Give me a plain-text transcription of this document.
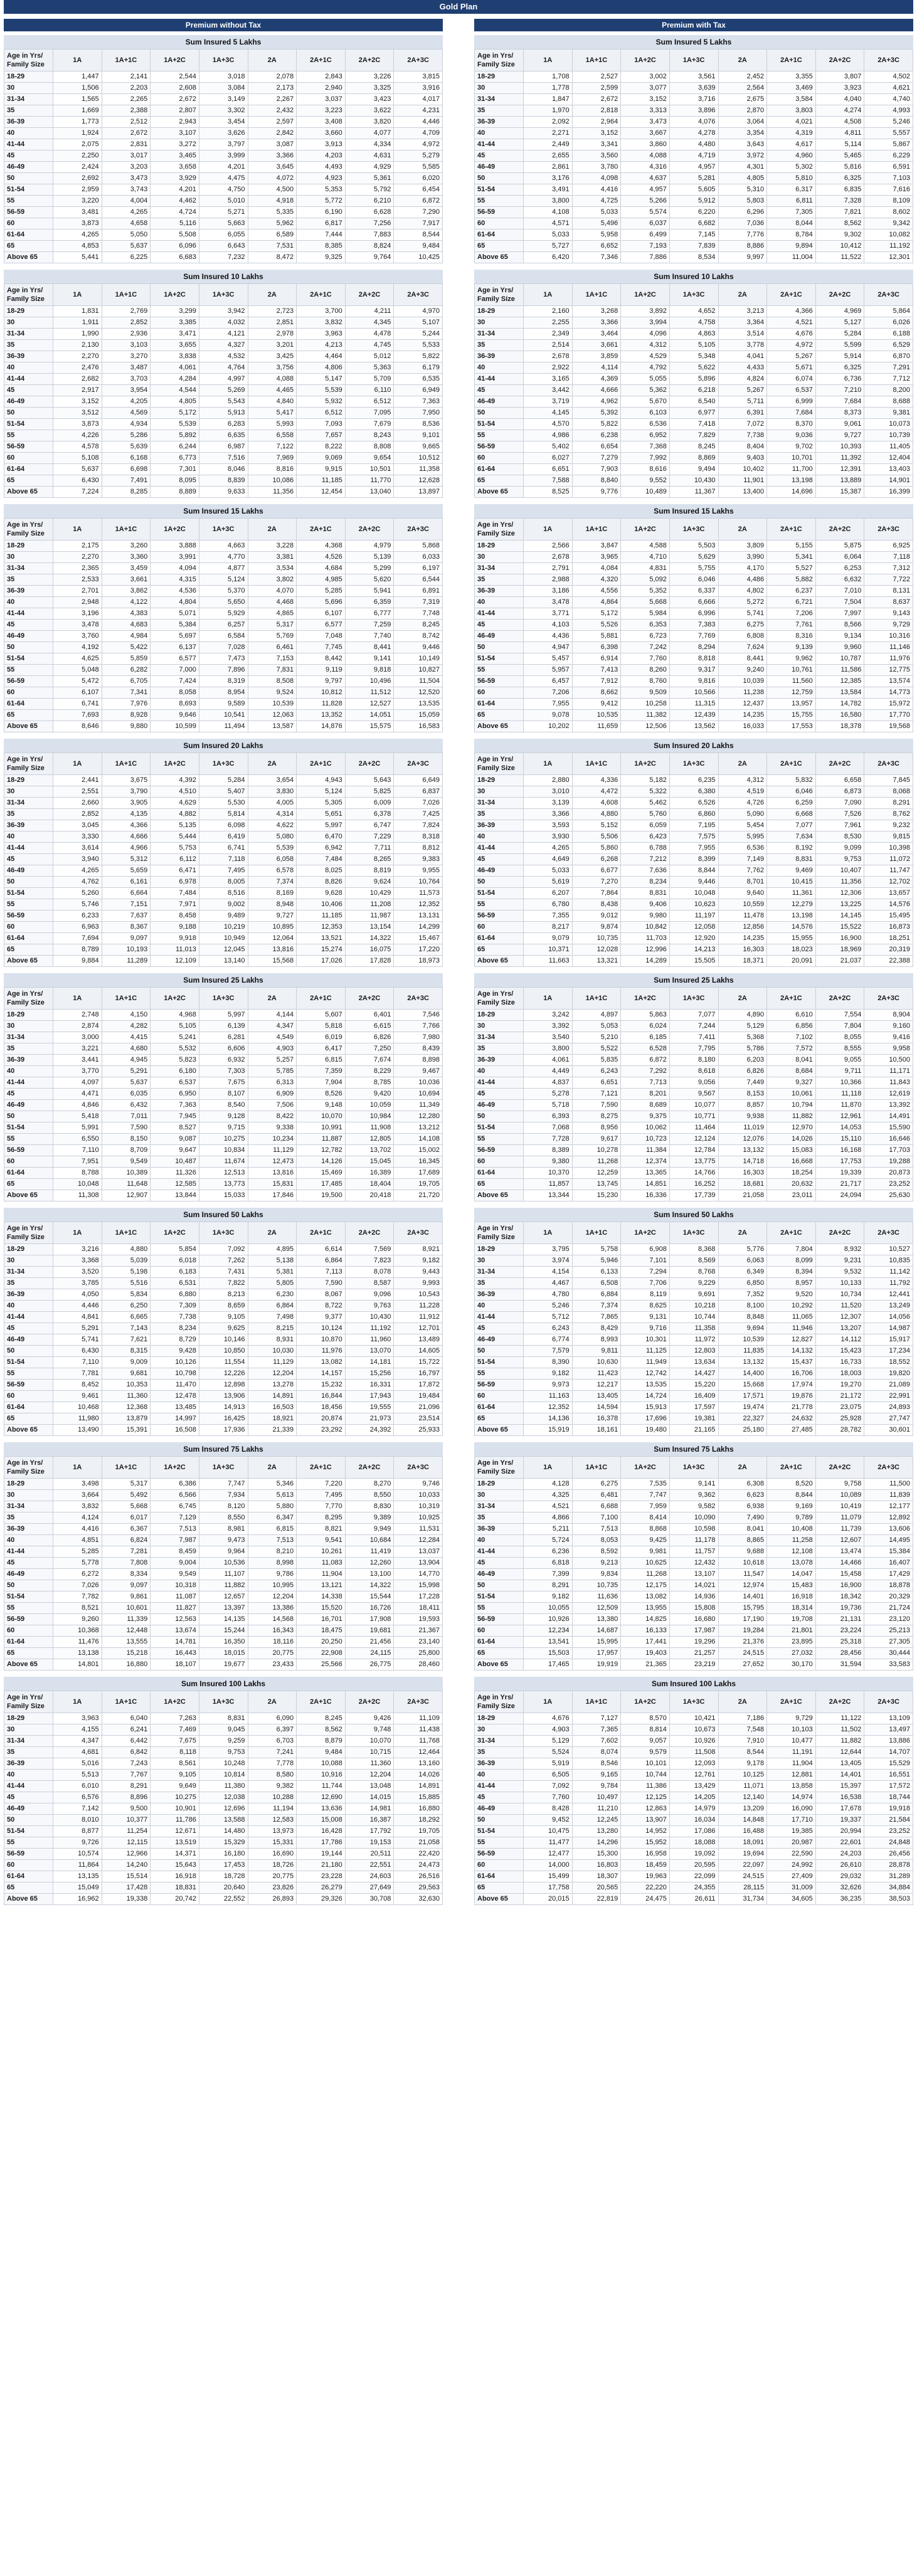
Gold Plan
Premium without Tax
Sum Insured 5 Lakhs
Age in Yrs/ Family Size	1A	1A+1C	1A+2C	1A+3C	2A	2A+1C	2A+2C	2A+3C
18-29	1,447	2,141	2,544	3,018	2,078	2,843	3,226	3,815
30	1,506	2,203	2,608	3,084	2,173	2,940	3,325	3,916
31-34	1,565	2,265	2,672	3,149	2,267	3,037	3,423	4,017
35	1,669	2,388	2,807	3,302	2,432	3,223	3,622	4,231
36-39	1,773	2,512	2,943	3,454	2,597	3,408	3,820	4,446
40	1,924	2,672	3,107	3,626	2,842	3,660	4,077	4,709
41-44	2,075	2,831	3,272	3,797	3,087	3,913	4,334	4,972
45	2,250	3,017	3,465	3,999	3,366	4,203	4,631	5,279
46-49	2,424	3,203	3,658	4,201	3,645	4,493	4,929	5,585
50	2,692	3,473	3,929	4,475	4,072	4,923	5,361	6,020
51-54	2,959	3,743	4,201	4,750	4,500	5,353	5,792	6,454
55	3,220	4,004	4,462	5,010	4,918	5,772	6,210	6,872
56-59	3,481	4,265	4,724	5,271	5,335	6,190	6,628	7,290
60	3,873	4,658	5,116	5,663	5,962	6,817	7,256	7,917
61-64	4,265	5,050	5,508	6,055	6,589	7,444	7,883	8,544
65	4,853	5,637	6,096	6,643	7,531	8,385	8,824	9,484
Above 65	5,441	6,225	6,683	7,232	8,472	9,325	9,764	10,425
Sum Insured 10 Lakhs
Age in Yrs/ Family Size	1A	1A+1C	1A+2C	1A+3C	2A	2A+1C	2A+2C	2A+3C
18-29	1,831	2,769	3,299	3,942	2,723	3,700	4,211	4,970
30	1,911	2,852	3,385	4,032	2,851	3,832	4,345	5,107
31-34	1,990	2,936	3,471	4,121	2,978	3,963	4,478	5,244
35	2,130	3,103	3,655	4,327	3,201	4,213	4,745	5,533
36-39	2,270	3,270	3,838	4,532	3,425	4,464	5,012	5,822
40	2,476	3,487	4,061	4,764	3,756	4,806	5,363	6,179
41-44	2,682	3,703	4,284	4,997	4,088	5,147	5,709	6,535
45	2,917	3,954	4,544	5,269	4,465	5,539	6,110	6,949
46-49	3,152	4,205	4,805	5,543	4,840	5,932	6,512	7,363
50	3,512	4,569	5,172	5,913	5,417	6,512	7,095	7,950
51-54	3,873	4,934	5,539	6,283	5,993	7,093	7,679	8,536
55	4,226	5,286	5,892	6,635	6,558	7,657	8,243	9,101
56-59	4,578	5,639	6,244	6,987	7,122	8,222	8,808	9,665
60	5,108	6,168	6,773	7,516	7,969	9,069	9,654	10,512
61-64	5,637	6,698	7,301	8,046	8,816	9,915	10,501	11,358
65	6,430	7,491	8,095	8,839	10,086	11,185	11,770	12,628
Above 65	7,224	8,285	8,889	9,633	11,356	12,454	13,040	13,897
Sum Insured 15 Lakhs
Age in Yrs/ Family Size	1A	1A+1C	1A+2C	1A+3C	2A	2A+1C	2A+2C	2A+3C
18-29	2,175	3,260	3,888	4,663	3,228	4,368	4,979	5,868
30	2,270	3,360	3,991	4,770	3,381	4,526	5,139	6,033
31-34	2,365	3,459	4,094	4,877	3,534	4,684	5,299	6,197
35	2,533	3,661	4,315	5,124	3,802	4,985	5,620	6,544
36-39	2,701	3,862	4,536	5,370	4,070	5,285	5,941	6,891
40	2,948	4,122	4,804	5,650	4,468	5,696	6,359	7,319
41-44	3,196	4,383	5,071	5,929	4,865	6,107	6,777	7,748
45	3,478	4,683	5,384	6,257	5,317	6,577	7,259	8,245
46-49	3,760	4,984	5,697	6,584	5,769	7,048	7,740	8,742
50	4,192	5,422	6,137	7,028	6,461	7,745	8,441	9,446
51-54	4,625	5,859	6,577	7,473	7,153	8,442	9,141	10,149
55	5,048	6,282	7,000	7,896	7,831	9,119	9,818	10,827
56-59	5,472	6,705	7,424	8,319	8,508	9,797	10,496	11,504
60	6,107	7,341	8,058	8,954	9,524	10,812	11,512	12,520
61-64	6,741	7,976	8,693	9,589	10,539	11,828	12,527	13,535
65	7,693	8,928	9,646	10,541	12,063	13,352	14,051	15,059
Above 65	8,646	9,880	10,599	11,494	13,587	14,876	15,575	16,583
Sum Insured 20 Lakhs
Age in Yrs/ Family Size	1A	1A+1C	1A+2C	1A+3C	2A	2A+1C	2A+2C	2A+3C
18-29	2,441	3,675	4,392	5,284	3,654	4,943	5,643	6,649
30	2,551	3,790	4,510	5,407	3,830	5,124	5,825	6,837
31-34	2,660	3,905	4,629	5,530	4,005	5,305	6,009	7,026
35	2,852	4,135	4,882	5,814	4,314	5,651	6,378	7,425
36-39	3,045	4,366	5,135	6,098	4,622	5,997	6,747	7,824
40	3,330	4,666	5,444	6,419	5,080	6,470	7,229	8,318
41-44	3,614	4,966	5,753	6,741	5,539	6,942	7,711	8,812
45	3,940	5,312	6,112	7,118	6,058	7,484	8,265	9,383
46-49	4,265	5,659	6,471	7,495	6,578	8,025	8,819	9,955
50	4,762	6,161	6,978	8,005	7,374	8,826	9,624	10,764
51-54	5,260	6,664	7,484	8,516	8,169	9,628	10,429	11,573
55	5,746	7,151	7,971	9,002	8,948	10,406	11,208	12,352
56-59	6,233	7,637	8,458	9,489	9,727	11,185	11,987	13,131
60	6,963	8,367	9,188	10,219	10,895	12,353	13,154	14,299
61-64	7,694	9,097	9,918	10,949	12,064	13,521	14,322	15,467
65	8,789	10,193	11,013	12,045	13,816	15,274	16,075	17,220
Above 65	9,884	11,289	12,109	13,140	15,568	17,026	17,828	18,973
Sum Insured 25 Lakhs
Age in Yrs/ Family Size	1A	1A+1C	1A+2C	1A+3C	2A	2A+1C	2A+2C	2A+3C
18-29	2,748	4,150	4,968	5,997	4,144	5,607	6,401	7,546
30	2,874	4,282	5,105	6,139	4,347	5,818	6,615	7,766
31-34	3,000	4,415	5,241	6,281	4,549	6,019	6,826	7,980
35	3,221	4,680	5,532	6,606	4,903	6,417	7,250	8,439
36-39	3,441	4,945	5,823	6,932	5,257	6,815	7,674	8,898
40	3,770	5,291	6,180	7,303	5,785	7,359	8,229	9,467
41-44	4,097	5,637	6,537	7,675	6,313	7,904	8,785	10,036
45	4,471	6,035	6,950	8,107	6,909	8,526	9,420	10,694
46-49	4,846	6,432	7,363	8,540	7,506	9,148	10,059	11,349
50	5,418	7,011	7,945	9,128	8,422	10,070	10,984	12,280
51-54	5,991	7,590	8,527	9,715	9,338	10,991	11,908	13,212
55	6,550	8,150	9,087	10,275	10,234	11,887	12,805	14,108
56-59	7,110	8,709	9,647	10,834	11,129	12,782	13,702	15,002
60	7,951	9,549	10,487	11,674	12,473	14,126	15,045	16,345
61-64	8,788	10,389	11,326	12,513	13,816	15,469	16,389	17,689
65	10,048	11,648	12,585	13,773	15,831	17,485	18,404	19,705
Above 65	11,308	12,907	13,844	15,033	17,846	19,500	20,418	21,720
Sum Insured 50 Lakhs
Age in Yrs/ Family Size	1A	1A+1C	1A+2C	1A+3C	2A	2A+1C	2A+2C	2A+3C
18-29	3,216	4,880	5,854	7,092	4,895	6,614	7,569	8,921
30	3,368	5,039	6,018	7,262	5,138	6,864	7,823	9,182
31-34	3,520	5,198	6,183	7,431	5,381	7,113	8,078	9,443
35	3,785	5,516	6,531	7,822	5,805	7,590	8,587	9,993
36-39	4,050	5,834	6,880	8,213	6,230	8,067	9,096	10,543
40	4,446	6,250	7,309	8,659	6,864	8,722	9,763	11,228
41-44	4,841	6,665	7,738	9,105	7,498	9,377	10,430	11,912
45	5,291	7,143	8,234	9,625	8,215	10,124	11,192	12,701
46-49	5,741	7,621	8,729	10,146	8,931	10,870	11,960	13,489
50	6,430	8,315	9,428	10,850	10,030	11,976	13,070	14,605
51-54	7,110	9,009	10,126	11,554	11,129	13,082	14,181	15,722
55	7,781	9,681	10,798	12,226	12,204	14,157	15,256	16,797
56-59	8,452	10,353	11,470	12,898	13,278	15,232	16,331	17,872
60	9,461	11,360	12,478	13,906	14,891	16,844	17,943	19,484
61-64	10,468	12,368	13,485	14,913	16,503	18,456	19,555	21,096
65	11,980	13,879	14,997	16,425	18,921	20,874	21,973	23,514
Above 65	13,490	15,391	16,508	17,936	21,339	23,292	24,392	25,933
Sum Insured 75 Lakhs
Age in Yrs/ Family Size	1A	1A+1C	1A+2C	1A+3C	2A	2A+1C	2A+2C	2A+3C
18-29	3,498	5,317	6,386	7,747	5,346	7,220	8,270	9,746
30	3,664	5,492	6,566	7,934	5,613	7,495	8,550	10,033
31-34	3,832	5,668	6,745	8,120	5,880	7,770	8,830	10,319
35	4,124	6,017	7,129	8,550	6,347	8,295	9,389	10,925
36-39	4,416	6,367	7,513	8,981	6,815	8,821	9,949	11,531
40	4,851	6,824	7,987	9,473	7,513	9,541	10,684	12,284
41-44	5,285	7,281	8,459	9,964	8,210	10,261	11,419	13,037
45	5,778	7,808	9,004	10,536	8,998	11,083	12,260	13,904
46-49	6,272	8,334	9,549	11,107	9,786	11,904	13,100	14,770
50	7,026	9,097	10,318	11,882	10,995	13,121	14,322	15,998
51-54	7,782	9,861	11,087	12,657	12,204	14,338	15,544	17,228
55	8,521	10,601	11,827	13,397	13,386	15,520	16,726	18,411
56-59	9,260	11,339	12,563	14,135	14,568	16,701	17,908	19,593
60	10,368	12,448	13,674	15,244	16,343	18,475	19,681	21,367
61-64	11,476	13,555	14,781	16,350	18,116	20,250	21,456	23,140
65	13,138	15,218	16,443	18,015	20,775	22,908	24,115	25,800
Above 65	14,801	16,880	18,107	19,677	23,433	25,566	26,775	28,460
Sum Insured 100 Lakhs
Age in Yrs/ Family Size	1A	1A+1C	1A+2C	1A+3C	2A	2A+1C	2A+2C	2A+3C
18-29	3,963	6,040	7,263	8,831	6,090	8,245	9,426	11,109
30	4,155	6,241	7,469	9,045	6,397	8,562	9,748	11,438
31-34	4,347	6,442	7,675	9,259	6,703	8,879	10,070	11,768
35	4,681	6,842	8,118	9,753	7,241	9,484	10,715	12,464
36-39	5,016	7,243	8,561	10,248	7,778	10,088	11,360	13,160
40	5,513	7,767	9,105	10,814	8,580	10,916	12,204	14,026
41-44	6,010	8,291	9,649	11,380	9,382	11,744	13,048	14,891
45	6,576	8,896	10,275	12,038	10,288	12,690	14,015	15,885
46-49	7,142	9,500	10,901	12,696	11,194	13,636	14,981	16,880
50	8,010	10,377	11,786	13,588	12,583	15,008	16,387	18,292
51-54	8,877	11,254	12,671	14,480	13,973	16,428	17,792	19,705
55	9,726	12,115	13,519	15,329	15,331	17,786	19,153	21,058
56-59	10,574	12,966	14,371	16,180	16,690	19,144	20,511	22,420
60	11,864	14,240	15,643	17,453	18,726	21,180	22,551	24,473
61-64	13,135	15,514	16,918	18,728	20,775	23,228	24,603	26,516
65	15,049	17,428	18,831	20,640	23,826	26,279	27,649	29,563
Above 65	16,962	19,338	20,742	22,552	26,893	29,326	30,708	32,630
Premium with Tax
Sum Insured 5 Lakhs
Age in Yrs/ Family Size	1A	1A+1C	1A+2C	1A+3C	2A	2A+1C	2A+2C	2A+3C
18-29	1,708	2,527	3,002	3,561	2,452	3,355	3,807	4,502
30	1,778	2,599	3,077	3,639	2,564	3,469	3,923	4,621
31-34	1,847	2,672	3,152	3,716	2,675	3,584	4,040	4,740
35	1,970	2,818	3,313	3,896	2,870	3,803	4,274	4,993
36-39	2,092	2,964	3,473	4,076	3,064	4,021	4,508	5,246
40	2,271	3,152	3,667	4,278	3,354	4,319	4,811	5,557
41-44	2,449	3,341	3,860	4,480	3,643	4,617	5,114	5,867
45	2,655	3,560	4,088	4,719	3,972	4,960	5,465	6,229
46-49	2,861	3,780	4,316	4,957	4,301	5,302	5,816	6,591
50	3,176	4,098	4,637	5,281	4,805	5,810	6,325	7,103
51-54	3,491	4,416	4,957	5,605	5,310	6,317	6,835	7,616
55	3,800	4,725	5,266	5,912	5,803	6,811	7,328	8,109
56-59	4,108	5,033	5,574	6,220	6,296	7,305	7,821	8,602
60	4,571	5,496	6,037	6,682	7,036	8,044	8,562	9,342
61-64	5,033	5,958	6,499	7,145	7,776	8,784	9,302	10,082
65	5,727	6,652	7,193	7,839	8,886	9,894	10,412	11,192
Above 65	6,420	7,346	7,886	8,534	9,997	11,004	11,522	12,301
Sum Insured 10 Lakhs
Age in Yrs/ Family Size	1A	1A+1C	1A+2C	1A+3C	2A	2A+1C	2A+2C	2A+3C
18-29	2,160	3,268	3,892	4,652	3,213	4,366	4,969	5,864
30	2,255	3,366	3,994	4,758	3,364	4,521	5,127	6,026
31-34	2,349	3,464	4,096	4,863	3,514	4,676	5,284	6,188
35	2,514	3,661	4,312	5,105	3,778	4,972	5,599	6,529
36-39	2,678	3,859	4,529	5,348	4,041	5,267	5,914	6,870
40	2,922	4,114	4,792	5,622	4,433	5,671	6,325	7,291
41-44	3,165	4,369	5,055	5,896	4,824	6,074	6,736	7,712
45	3,442	4,666	5,362	6,218	5,267	6,537	7,210	8,200
46-49	3,719	4,962	5,670	6,540	5,711	6,999	7,684	8,688
50	4,145	5,392	6,103	6,977	6,391	7,684	8,373	9,381
51-54	4,570	5,822	6,536	7,418	7,072	8,370	9,061	10,073
55	4,986	6,238	6,952	7,829	7,738	9,036	9,727	10,739
56-59	5,402	6,654	7,368	8,245	8,404	9,702	10,393	11,405
60	6,027	7,279	7,992	8,869	9,403	10,701	11,392	12,404
61-64	6,651	7,903	8,616	9,494	10,402	11,700	12,391	13,403
65	7,588	8,840	9,552	10,430	11,901	13,198	13,889	14,901
Above 65	8,525	9,776	10,489	11,367	13,400	14,696	15,387	16,399
Sum Insured 15 Lakhs
Age in Yrs/ Family Size	1A	1A+1C	1A+2C	1A+3C	2A	2A+1C	2A+2C	2A+3C
18-29	2,566	3,847	4,588	5,503	3,809	5,155	5,875	6,925
30	2,678	3,965	4,710	5,629	3,990	5,341	6,064	7,118
31-34	2,791	4,084	4,831	5,755	4,170	5,527	6,253	7,312
35	2,988	4,320	5,092	6,046	4,486	5,882	6,632	7,722
36-39	3,186	4,556	5,352	6,337	4,802	6,237	7,010	8,131
40	3,478	4,864	5,668	6,666	5,272	6,721	7,504	8,637
41-44	3,771	5,172	5,984	6,996	5,741	7,206	7,997	9,143
45	4,103	5,526	6,353	7,383	6,275	7,761	8,566	9,729
46-49	4,436	5,881	6,723	7,769	6,808	8,316	9,134	10,316
50	4,947	6,398	7,242	8,294	7,624	9,139	9,960	11,146
51-54	5,457	6,914	7,760	8,818	8,441	9,962	10,787	11,976
55	5,957	7,413	8,260	9,317	9,240	10,761	11,586	12,775
56-59	6,457	7,912	8,760	9,816	10,039	11,560	12,385	13,574
60	7,206	8,662	9,509	10,566	11,238	12,759	13,584	14,773
61-64	7,955	9,412	10,258	11,315	12,437	13,957	14,782	15,972
65	9,078	10,535	11,382	12,439	14,235	15,755	16,580	17,770
Above 65	10,202	11,659	12,506	13,562	16,033	17,553	18,378	19,568
Sum Insured 20 Lakhs
Age in Yrs/ Family Size	1A	1A+1C	1A+2C	1A+3C	2A	2A+1C	2A+2C	2A+3C
18-29	2,880	4,336	5,182	6,235	4,312	5,832	6,658	7,845
30	3,010	4,472	5,322	6,380	4,519	6,046	6,873	8,068
31-34	3,139	4,608	5,462	6,526	4,726	6,259	7,090	8,291
35	3,366	4,880	5,760	6,860	5,090	6,668	7,526	8,762
36-39	3,593	5,152	6,059	7,195	5,454	7,077	7,961	9,232
40	3,930	5,506	6,423	7,575	5,995	7,634	8,530	9,815
41-44	4,265	5,860	6,788	7,955	6,536	8,192	9,099	10,398
45	4,649	6,268	7,212	8,399	7,149	8,831	9,753	11,072
46-49	5,033	6,677	7,636	8,844	7,762	9,469	10,407	11,747
50	5,619	7,270	8,234	9,446	8,701	10,415	11,356	12,702
51-54	6,207	7,864	8,831	10,048	9,640	11,361	12,306	13,657
55	6,780	8,438	9,406	10,623	10,559	12,279	13,225	14,576
56-59	7,355	9,012	9,980	11,197	11,478	13,198	14,145	15,495
60	8,217	9,874	10,842	12,058	12,856	14,576	15,522	16,873
61-64	9,079	10,735	11,703	12,920	14,235	15,955	16,900	18,251
65	10,371	12,028	12,996	14,213	16,303	18,023	18,969	20,319
Above 65	11,663	13,321	14,289	15,505	18,371	20,091	21,037	22,388
Sum Insured 25 Lakhs
Age in Yrs/ Family Size	1A	1A+1C	1A+2C	1A+3C	2A	2A+1C	2A+2C	2A+3C
18-29	3,242	4,897	5,863	7,077	4,890	6,610	7,554	8,904
30	3,392	5,053	6,024	7,244	5,129	6,856	7,804	9,160
31-34	3,540	5,210	6,185	7,411	5,368	7,102	8,055	9,416
35	3,800	5,522	6,528	7,795	5,786	7,572	8,555	9,958
36-39	4,061	5,835	6,872	8,180	6,203	8,041	9,055	10,500
40	4,449	6,243	7,292	8,618	6,826	8,684	9,711	11,171
41-44	4,837	6,651	7,713	9,056	7,449	9,327	10,366	11,843
45	5,278	7,121	8,201	9,567	8,153	10,061	11,118	12,619
46-49	5,718	7,590	8,689	10,077	8,857	10,794	11,870	13,392
50	6,393	8,275	9,375	10,771	9,938	11,882	12,961	14,491
51-54	7,068	8,956	10,062	11,464	11,019	12,970	14,053	15,590
55	7,728	9,617	10,723	12,124	12,076	14,026	15,110	16,646
56-59	8,389	10,278	11,384	12,784	13,132	15,083	16,168	17,703
60	9,380	11,268	12,374	13,775	14,718	16,668	17,753	19,288
61-64	10,370	12,259	13,365	14,766	16,303	18,254	19,339	20,873
65	11,857	13,745	14,851	16,252	18,681	20,632	21,717	23,252
Above 65	13,344	15,230	16,336	17,739	21,058	23,011	24,094	25,630
Sum Insured 50 Lakhs
Age in Yrs/ Family Size	1A	1A+1C	1A+2C	1A+3C	2A	2A+1C	2A+2C	2A+3C
18-29	3,795	5,758	6,908	8,368	5,776	7,804	8,932	10,527
30	3,974	5,946	7,101	8,569	6,063	8,099	9,231	10,835
31-34	4,154	6,133	7,294	8,768	6,349	8,394	9,532	11,142
35	4,467	6,508	7,706	9,229	6,850	8,957	10,133	11,792
36-39	4,780	6,884	8,119	9,691	7,352	9,520	10,734	12,441
40	5,246	7,374	8,625	10,218	8,100	10,292	11,520	13,249
41-44	5,712	7,865	9,131	10,744	8,848	11,065	12,307	14,056
45	6,243	8,429	9,716	11,358	9,694	11,946	13,207	14,987
46-49	6,774	8,993	10,301	11,972	10,539	12,827	14,112	15,917
50	7,579	9,811	11,125	12,803	11,835	14,132	15,423	17,234
51-54	8,390	10,630	11,949	13,634	13,132	15,437	16,733	18,552
55	9,182	11,423	12,742	14,427	14,400	16,706	18,003	19,820
56-59	9,973	12,217	13,535	15,220	15,668	17,974	19,270	21,089
60	11,163	13,405	14,724	16,409	17,571	19,876	21,172	22,991
61-64	12,352	14,594	15,913	17,597	19,474	21,778	23,075	24,893
65	14,136	16,378	17,696	19,381	22,327	24,632	25,928	27,747
Above 65	15,919	18,161	19,480	21,165	25,180	27,485	28,782	30,601
Sum Insured 75 Lakhs
Age in Yrs/ Family Size	1A	1A+1C	1A+2C	1A+3C	2A	2A+1C	2A+2C	2A+3C
18-29	4,128	6,275	7,535	9,141	6,308	8,520	9,758	11,500
30	4,325	6,481	7,747	9,362	6,623	8,844	10,089	11,839
31-34	4,521	6,688	7,959	9,582	6,938	9,169	10,419	12,177
35	4,866	7,100	8,414	10,090	7,490	9,789	11,079	12,892
36-39	5,211	7,513	8,868	10,598	8,041	10,408	11,739	13,606
40	5,724	8,053	9,425	11,178	8,865	11,258	12,607	14,495
41-44	6,236	8,592	9,981	11,757	9,688	12,108	13,474	15,384
45	6,818	9,213	10,625	12,432	10,618	13,078	14,466	16,407
46-49	7,399	9,834	11,268	13,107	11,547	14,047	15,458	17,429
50	8,291	10,735	12,175	14,021	12,974	15,483	16,900	18,878
51-54	9,182	11,636	13,082	14,936	14,401	16,918	18,342	20,329
55	10,055	12,509	13,955	15,808	15,795	18,314	19,736	21,724
56-59	10,926	13,380	14,825	16,680	17,190	19,708	21,131	23,120
60	12,234	14,687	16,133	17,987	19,284	21,801	23,224	25,213
61-64	13,541	15,995	17,441	19,296	21,376	23,895	25,318	27,305
65	15,503	17,957	19,403	21,257	24,515	27,032	28,456	30,444
Above 65	17,465	19,919	21,365	23,219	27,652	30,170	31,594	33,583
Sum Insured 100 Lakhs
Age in Yrs/ Family Size	1A	1A+1C	1A+2C	1A+3C	2A	2A+1C	2A+2C	2A+3C
18-29	4,676	7,127	8,570	10,421	7,186	9,729	11,122	13,109
30	4,903	7,365	8,814	10,673	7,548	10,103	11,502	13,497
31-34	5,129	7,602	9,057	10,926	7,910	10,477	11,882	13,886
35	5,524	8,074	9,579	11,508	8,544	11,191	12,644	14,707
36-39	5,919	8,546	10,101	12,093	9,178	11,904	13,405	15,529
40	6,505	9,165	10,744	12,761	10,125	12,881	14,401	16,551
41-44	7,092	9,784	11,386	13,429	11,071	13,858	15,397	17,572
45	7,760	10,497	12,125	14,205	12,140	14,974	16,538	18,744
46-49	8,428	11,210	12,863	14,979	13,209	16,090	17,678	19,918
50	9,452	12,245	13,907	16,034	14,848	17,710	19,337	21,584
51-54	10,475	13,280	14,952	17,086	16,488	19,385	20,994	23,252
55	11,477	14,296	15,952	18,088	18,091	20,987	22,601	24,848
56-59	12,477	15,300	16,958	19,092	19,694	22,590	24,203	26,456
60	14,000	16,803	18,459	20,595	22,097	24,992	26,610	28,878
61-64	15,499	18,307	19,963	22,099	24,515	27,409	29,032	31,289
65	17,758	20,565	22,220	24,355	28,115	31,009	32,626	34,884
Above 65	20,015	22,819	24,475	26,611	31,734	34,605	36,235	38,503
